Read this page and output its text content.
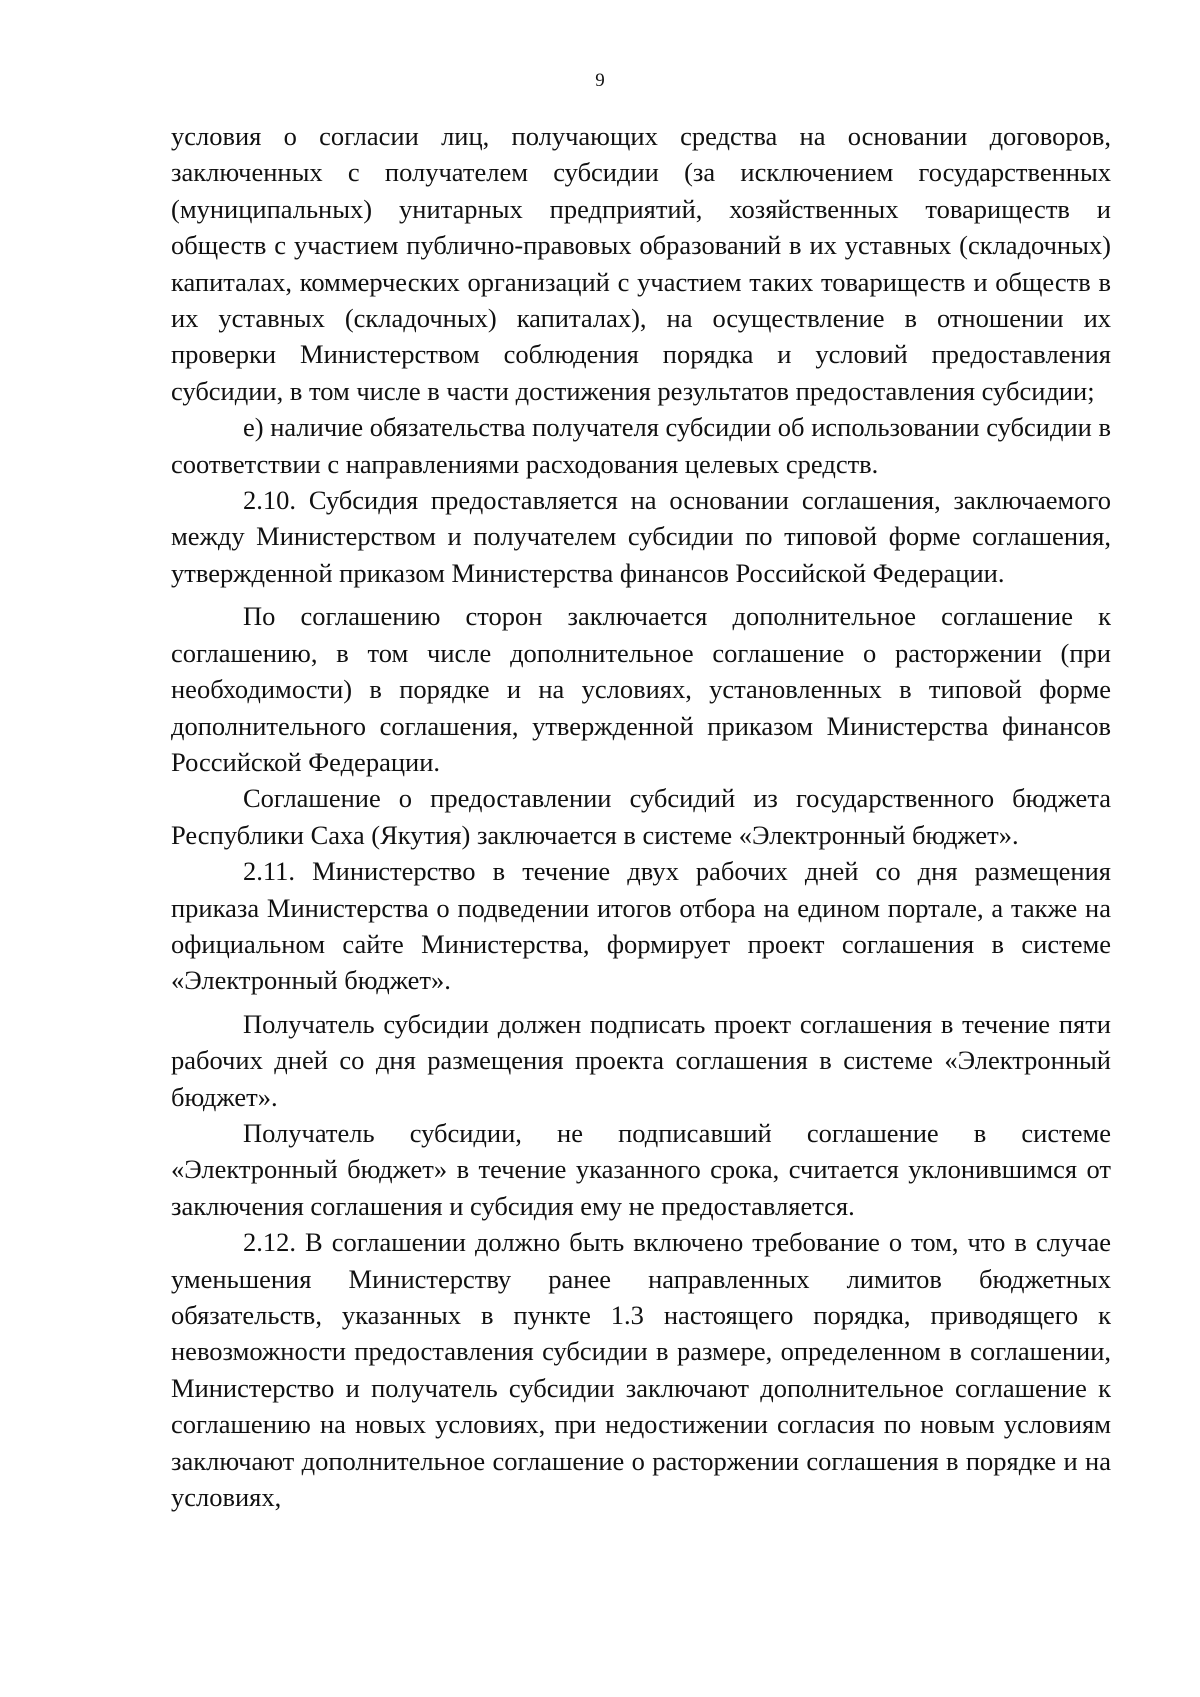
9

условия о согласии лиц, получающих средства на основании договоров, заключенных с получателем субсидии (за исключением государственных (муниципальных) унитарных предприятий, хозяйственных товариществ и обществ с участием публично-правовых образований в их уставных (складочных) капиталах, коммерческих организаций с участием таких товариществ и обществ в их уставных (складочных) капиталах), на осуществление в отношении их проверки Министерством соблюдения порядка и условий предоставления субсидии, в том числе в части достижения результатов предоставления субсидии;

е) наличие обязательства получателя субсидии об использовании субсидии в соответствии с направлениями расходования целевых средств.

2.10. Субсидия предоставляется на основании соглашения, заключаемого между Министерством и получателем субсидии по типовой форме соглашения, утвержденной приказом Министерства финансов Российской Федерации.

По соглашению сторон заключается дополнительное соглашение к соглашению, в том числе дополнительное соглашение о расторжении (при необходимости) в порядке и на условиях, установленных в типовой форме дополнительного соглашения, утвержденной приказом Министерства финансов Российской Федерации.

Соглашение о предоставлении субсидий из государственного бюджета Республики Саха (Якутия) заключается в системе «Электронный бюджет».

2.11. Министерство в течение двух рабочих дней со дня размещения приказа Министерства о подведении итогов отбора на едином портале, а также на официальном сайте Министерства, формирует проект соглашения в системе «Электронный бюджет».

Получатель субсидии должен подписать проект соглашения в течение пяти рабочих дней со дня размещения проекта соглашения в системе «Электронный бюджет».

Получатель субсидии, не подписавший соглашение в системе «Электронный бюджет» в течение указанного срока, считается уклонившимся от заключения соглашения и субсидия ему не предоставляется.

2.12. В соглашении должно быть включено требование о том, что в случае уменьшения Министерству ранее направленных лимитов бюджетных обязательств, указанных в пункте 1.3 настоящего порядка, приводящего к невозможности предоставления субсидии в размере, определенном в соглашении, Министерство и получатель субсидии заключают дополнительное соглашение к соглашению на новых условиях, при недостижении согласия по новым условиям заключают дополнительное соглашение о расторжении соглашения в порядке и на условиях,
